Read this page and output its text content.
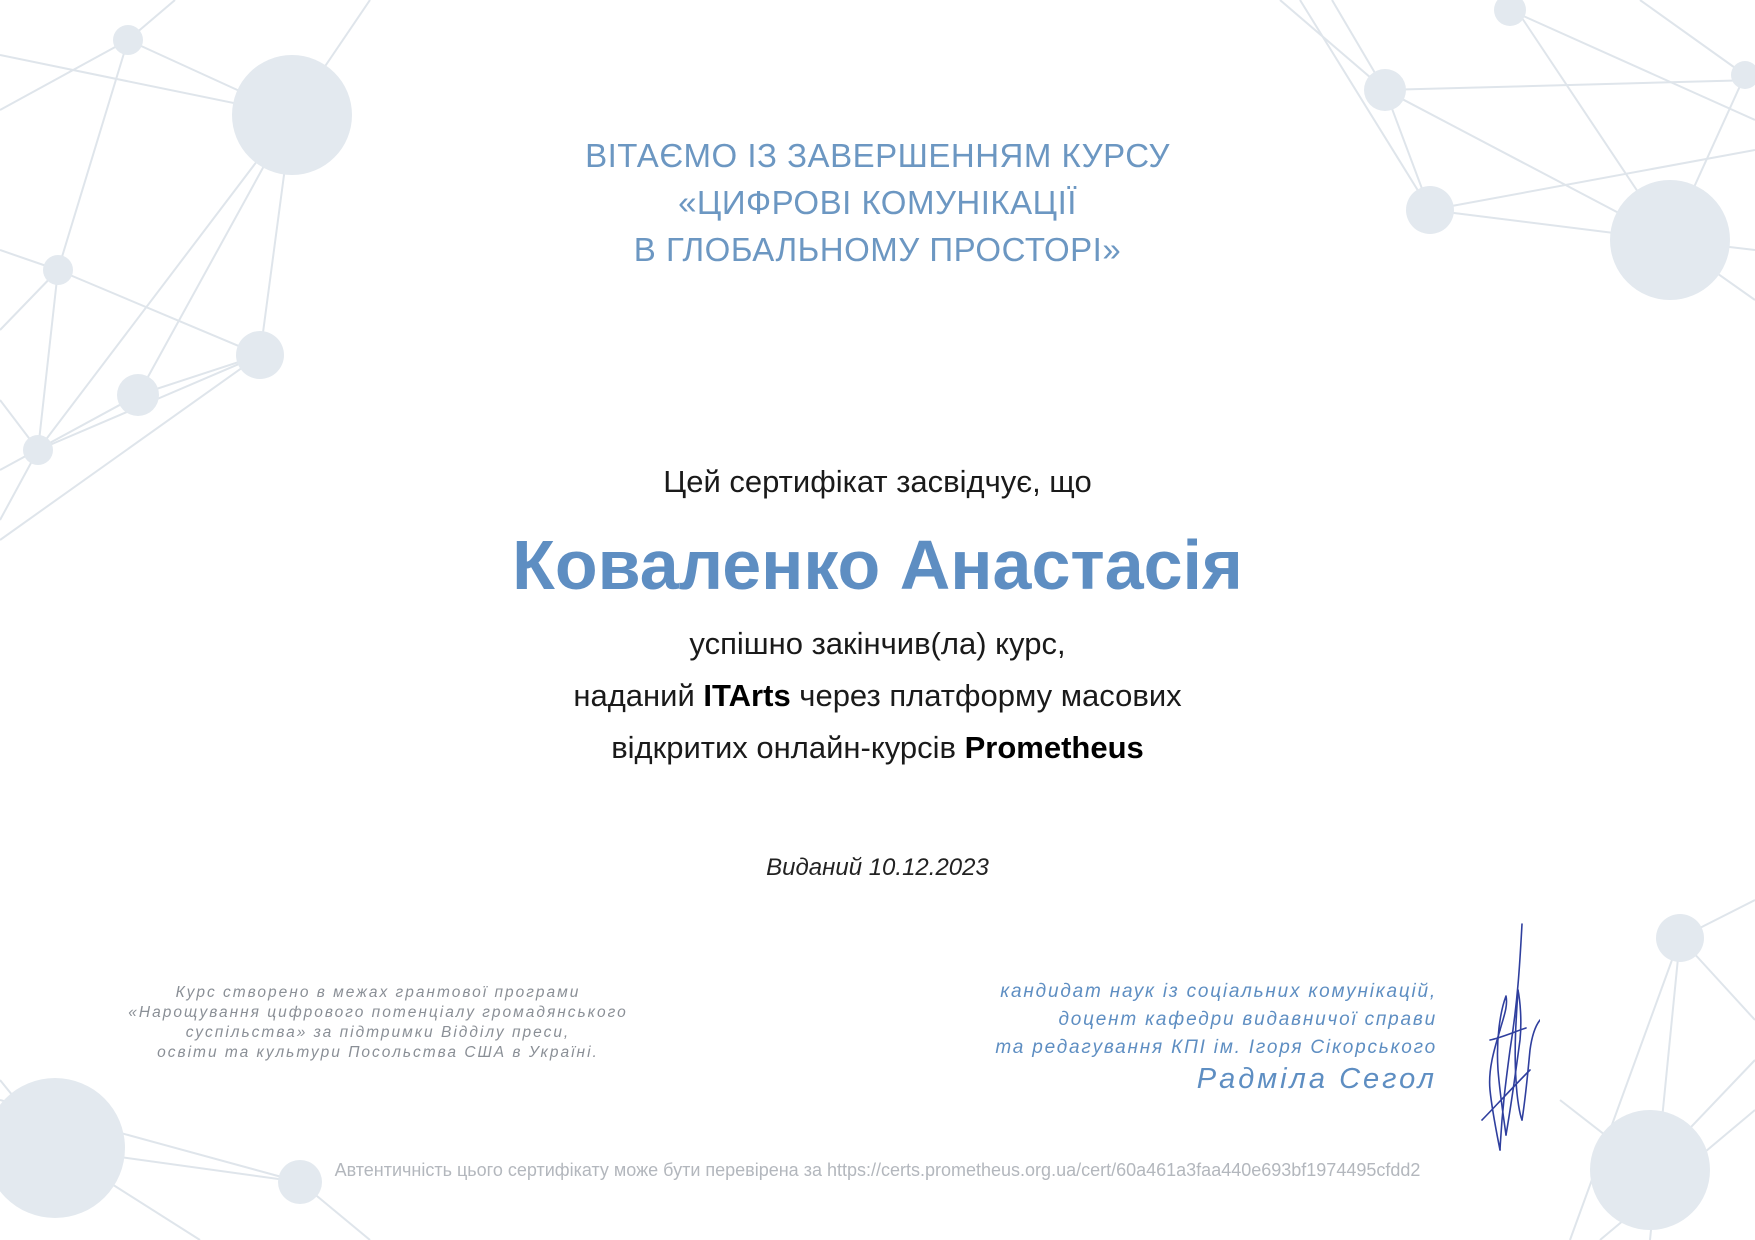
ВІТАЄМО ІЗ ЗАВЕРШЕННЯМ КУРСУ
«ЦИФРОВІ КОМУНІКАЦІЇ
В ГЛОБАЛЬНОМУ ПРОСТОРІ»
Цей сертифікат засвідчує, що
Коваленко Анастасія
успішно закінчив(ла) курс,
наданий ITArts через платформу масових
відкритих онлайн-курсів Prometheus
Виданий 10.12.2023
Курс створено в межах грантової програми
«Нарощування цифрового потенціалу громадянського
суспільства» за підтримки Відділу преси,
освіти та культури Посольства США в Україні.
кандидат наук із соціальних комунікацій,
доцент кафедри видавничої справи
та редагування КПІ ім. Ігоря Сікорського
Радміла Сегол
Автентичність цього сертифікату може бути перевірена за https://certs.prometheus.org.ua/cert/60a461a3faa440e693bf1974495cfdd2
